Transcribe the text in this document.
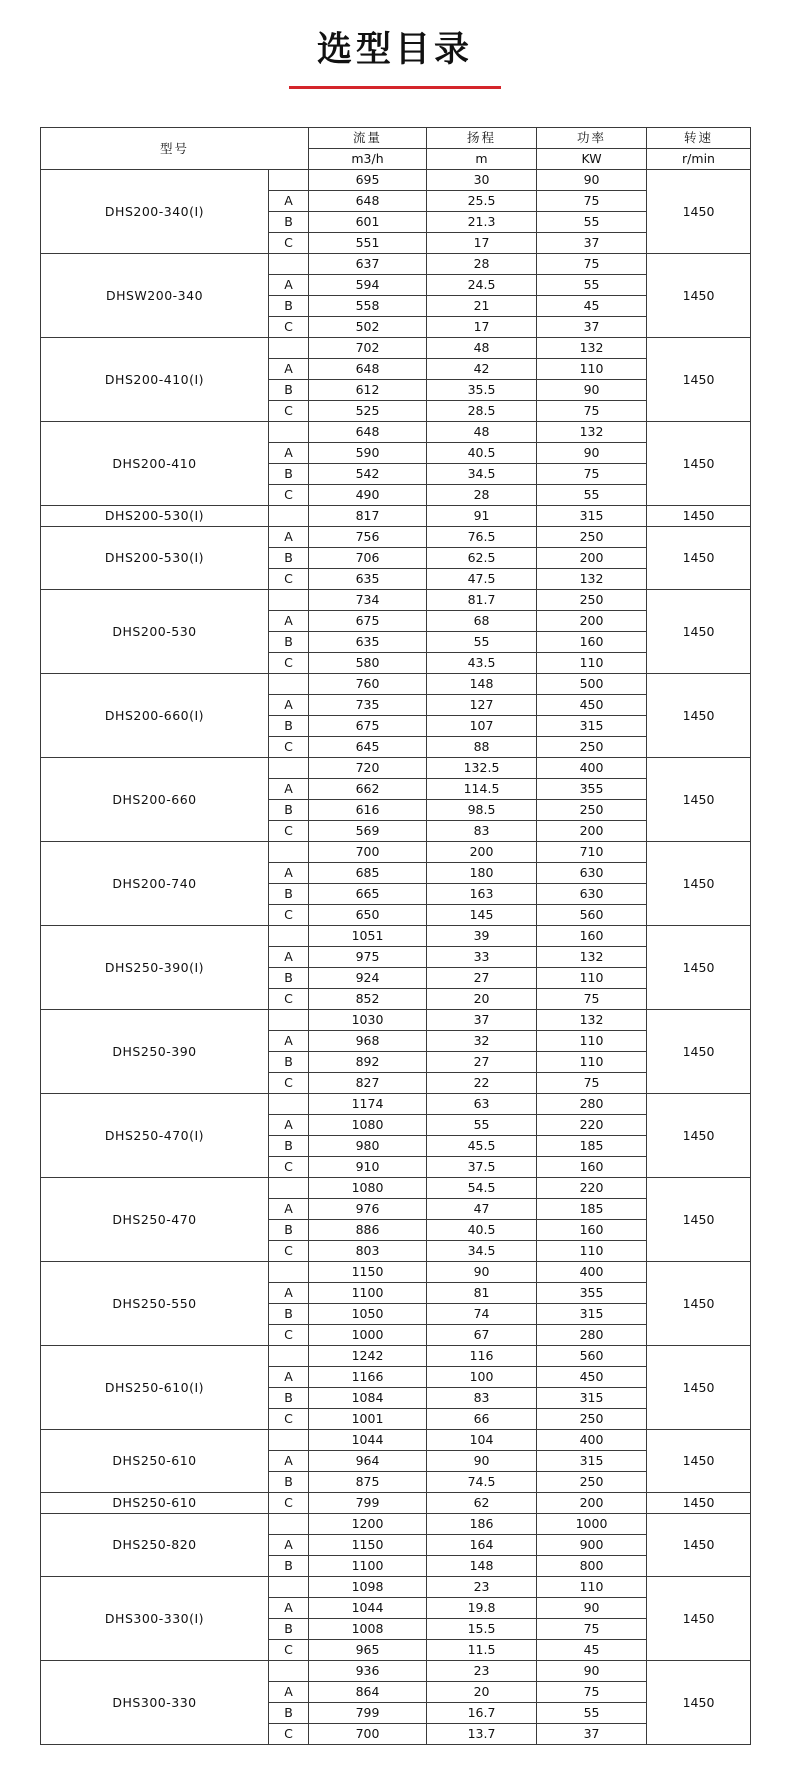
选型目录
型号		流量	扬程	功率	转速
		m3/h	m	KW	r/min
DHS200-340(I)		695	30	90	1450
	A	648	25.5	75	
	B	601	21.3	55	
	C	551	17	37	
DHSW200-340		637	28	75	1450
	A	594	24.5	55	
	B	558	21	45	
	C	502	17	37	
DHS200-410(I)		702	48	132	1450
	A	648	42	110	
	B	612	35.5	90	
	C	525	28.5	75	
DHS200-410		648	48	132	1450
	A	590	40.5	90	
	B	542	34.5	75	
	C	490	28	55	
DHS200-530(I)		817	91	315	1450
DHS200-530(I)	A	756	76.5	250	1450
	B	706	62.5	200	
	C	635	47.5	132	
DHS200-530		734	81.7	250	1450
	A	675	68	200	
	B	635	55	160	
	C	580	43.5	110	
DHS200-660(I)		760	148	500	1450
	A	735	127	450	
	B	675	107	315	
	C	645	88	250	
DHS200-660		720	132.5	400	1450
	A	662	114.5	355	
	B	616	98.5	250	
	C	569	83	200	
DHS200-740		700	200	710	1450
	A	685	180	630	
	B	665	163	630	
	C	650	145	560	
DHS250-390(I)		1051	39	160	1450
	A	975	33	132	
	B	924	27	110	
	C	852	20	75	
DHS250-390		1030	37	132	1450
	A	968	32	110	
	B	892	27	110	
	C	827	22	75	
DHS250-470(I)		1174	63	280	1450
	A	1080	55	220	
	B	980	45.5	185	
	C	910	37.5	160	
DHS250-470		1080	54.5	220	1450
	A	976	47	185	
	B	886	40.5	160	
	C	803	34.5	110	
DHS250-550		1150	90	400	1450
	A	1100	81	355	
	B	1050	74	315	
	C	1000	67	280	
DHS250-610(I)		1242	116	560	1450
	A	1166	100	450	
	B	1084	83	315	
	C	1001	66	250	
DHS250-610		1044	104	400	1450
	A	964	90	315	
	B	875	74.5	250	
DHS250-610	C	799	62	200	1450
DHS250-820		1200	186	1000	1450
	A	1150	164	900	
	B	1100	148	800	
DHS300-330(I)		1098	23	110	1450
	A	1044	19.8	90	
	B	1008	15.5	75	
	C	965	11.5	45	
DHS300-330		936	23	90	1450
	A	864	20	75	
	B	799	16.7	55	
	C	700	13.7	37	
